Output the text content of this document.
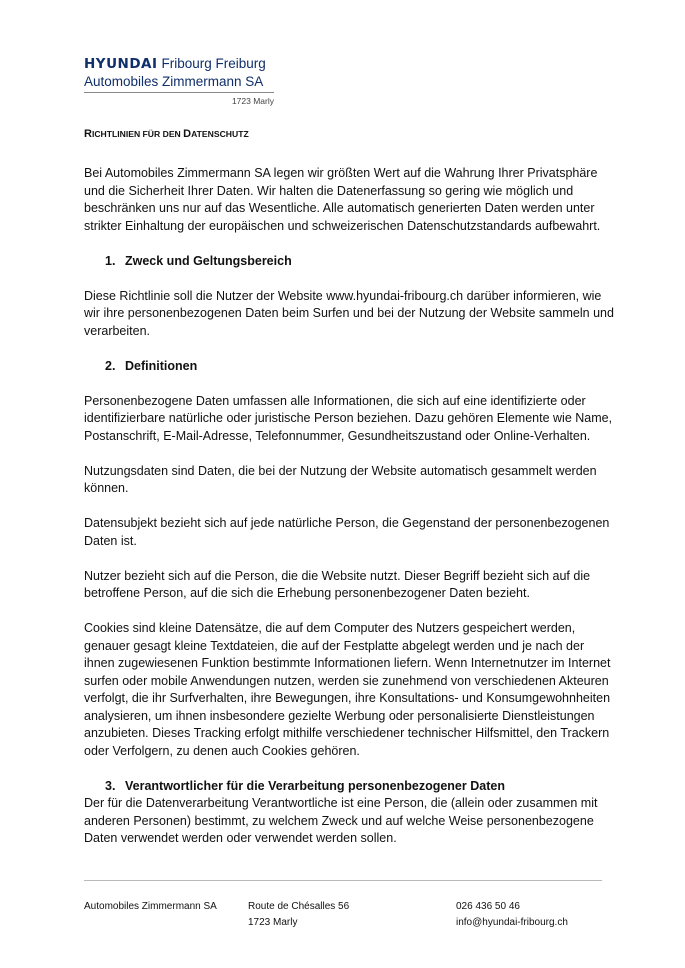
HYUNDAI Fribourg Freiburg
Automobiles Zimmermann SA
1723 Marly
RICHTLINIEN FÜR DEN DATENSCHUTZ

Bei Automobiles Zimmermann SA legen wir größten Wert auf die Wahrung Ihrer Privatsphäre und die Sicherheit Ihrer Daten. Wir halten die Datenerfassung so gering wie möglich und beschränken uns nur auf das Wesentliche. Alle automatisch generierten Daten werden unter strikter Einhaltung der europäischen und schweizerischen Datenschutzstandards aufbewahrt.

1. Zweck und Geltungsbereich

Diese Richtlinie soll die Nutzer der Website www.hyundai-fribourg.ch darüber informieren, wie wir ihre personenbezogenen Daten beim Surfen und bei der Nutzung der Website sammeln und verarbeiten.

2. Definitionen

Personenbezogene Daten umfassen alle Informationen, die sich auf eine identifizierte oder identifizierbare natürliche oder juristische Person beziehen. Dazu gehören Elemente wie Name, Postanschrift, E-Mail-Adresse, Telefonnummer, Gesundheitszustand oder Online-Verhalten.

Nutzungsdaten sind Daten, die bei der Nutzung der Website automatisch gesammelt werden können.

Datensubjekt bezieht sich auf jede natürliche Person, die Gegenstand der personenbezogenen Daten ist.

Nutzer bezieht sich auf die Person, die die Website nutzt. Dieser Begriff bezieht sich auf die betroffene Person, auf die sich die Erhebung personenbezogener Daten bezieht.

Cookies sind kleine Datensätze, die auf dem Computer des Nutzers gespeichert werden, genauer gesagt kleine Textdateien, die auf der Festplatte abgelegt werden und je nach der ihnen zugewiesenen Funktion bestimmte Informationen liefern. Wenn Internetnutzer im Internet surfen oder mobile Anwendungen nutzen, werden sie zunehmend von verschiedenen Akteuren verfolgt, die ihr Surfverhalten, ihre Bewegungen, ihre Konsultations- und Konsumgewohnheiten analysieren, um ihnen insbesondere gezielte Werbung oder personalisierte Dienstleistungen anzubieten. Dieses Tracking erfolgt mithilfe verschiedener technischer Hilfsmittel, den Trackern oder Verfolgern, zu denen auch Cookies gehören.

3. Verantwortlicher für die Verarbeitung personenbezogener Daten

Der für die Datenverarbeitung Verantwortliche ist eine Person, die (allein oder zusammen mit anderen Personen) bestimmt, zu welchem Zweck und auf welche Weise personenbezogene Daten verwendet werden oder verwendet werden sollen.

Automobiles Zimmermann SA	Route de Chésalles 56
1723 Marly
026 436 50 46
info@hyundai-fribourg.ch
